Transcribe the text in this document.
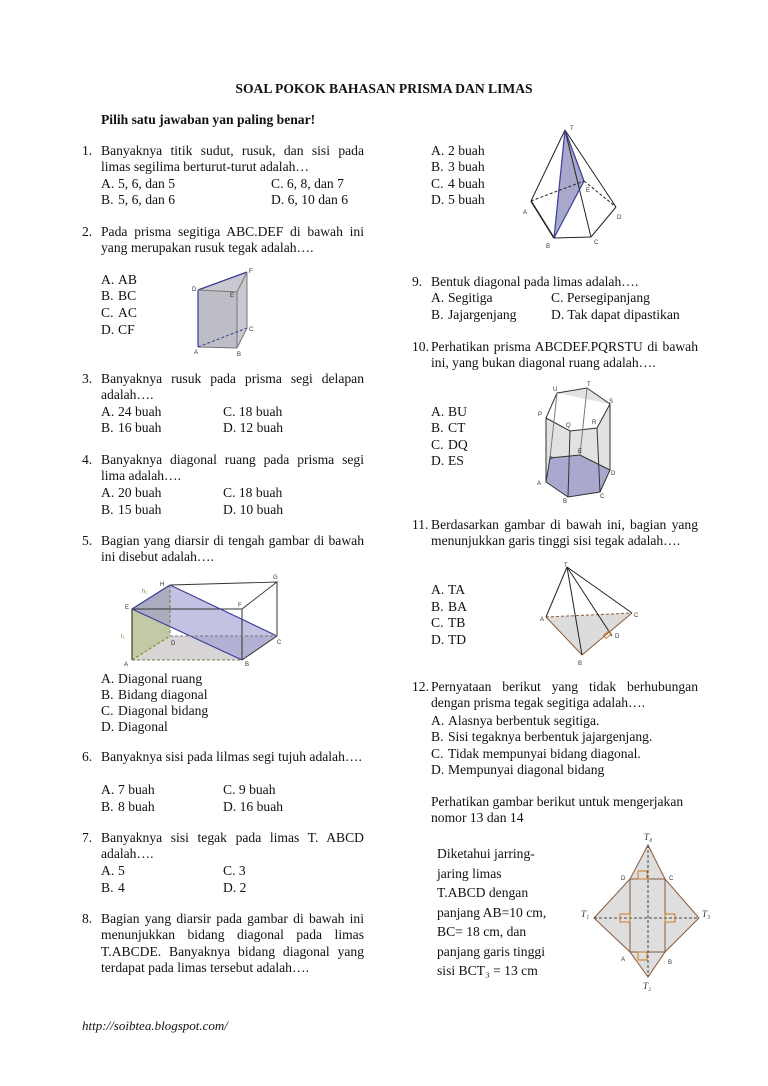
SOAL POKOK BAHASAN PRISMA DAN LIMAS
Pilih satu jawaban yan paling benar!
1. Banyaknya titik sudut, rusuk, dan sisi pada limas segilima berturut-turut adalah…
A. 5, 6, dan 5
B. 5, 6, dan 6
C. 6, 8, dan 7
D. 6, 10 dan 6
2. Pada prisma segitiga ABC.DEF di bawah ini yang merupakan rusuk tegak adalah….
A. AB
B. BC
C. AC
D. CF
D
E
F
A	B
C
H
G
E	F
D	C
A	B
h₂
t₁
T
A
B
C
D
E
U
T
S
P
Q	R
F
E
D
A
B
C
T
A
C
D
B
T₄
D	C
T₁	T₃
A	B
T₂
3. Banyaknya rusuk pada prisma segi delapan adalah….
A. 24 buah
B. 16 buah
C. 18 buah
D. 12 buah
4. Banyaknya diagonal ruang pada prisma segi lima adalah….
A. 20 buah
B. 15 buah
C. 18 buah
D. 10 buah
5. Bagian yang diarsir di tengah gambar di bawah ini disebut adalah….
A. Diagonal ruang
B. Bidang diagonal
C. Diagonal bidang
D. Diagonal
6. Banyaknya sisi pada lilmas segi tujuh adalah….
A. 7 buah
B. 8 buah
C. 9 buah
D. 16 buah
7. Banyaknya sisi tegak pada limas T. ABCD adalah….
A. 5
B. 4
C. 3
D. 2
8. Bagian yang diarsir pada gambar di bawah ini menunjukkan bidang diagonal pada limas T.ABCDE. Banyaknya bidang diagonal yang terdapat pada limas tersebut adalah….
A. 2 buah
B. 3 buah
C. 4 buah
D. 5 buah
9. Bentuk diagonal pada limas adalah….
A. Segitiga
B. Jajargenjang
C. Persegipanjang
D. Tak dapat dipastikan
10. Perhatikan prisma ABCDEF.PQRSTU di bawah ini, yang bukan diagonal ruang adalah….
A. BU
B. CT
C. DQ
D. ES
11. Berdasarkan gambar di bawah ini, bagian yang menunjukkan garis tinggi sisi tegak adalah….
A. TA
B. BA
C. TB
D. TD
12. Pernyataan berikut yang tidak berhubungan dengan prisma tegak segitiga adalah….
A. Alasnya berbentuk segitiga.
B. Sisi tegaknya berbentuk jajargenjang.
C. Tidak mempunyai bidang diagonal.
D. Mempunyai diagonal bidang
Perhatikan gambar berikut untuk mengerjakan nomor 13 dan 14
Diketahui jarring-
jaring limas
T.ABCD dengan
panjang AB=10 cm,
BC= 18 cm, dan
panjang garis tinggi
sisi BCT₃ = 13 cm
http://soibtea.blogspot.com/
